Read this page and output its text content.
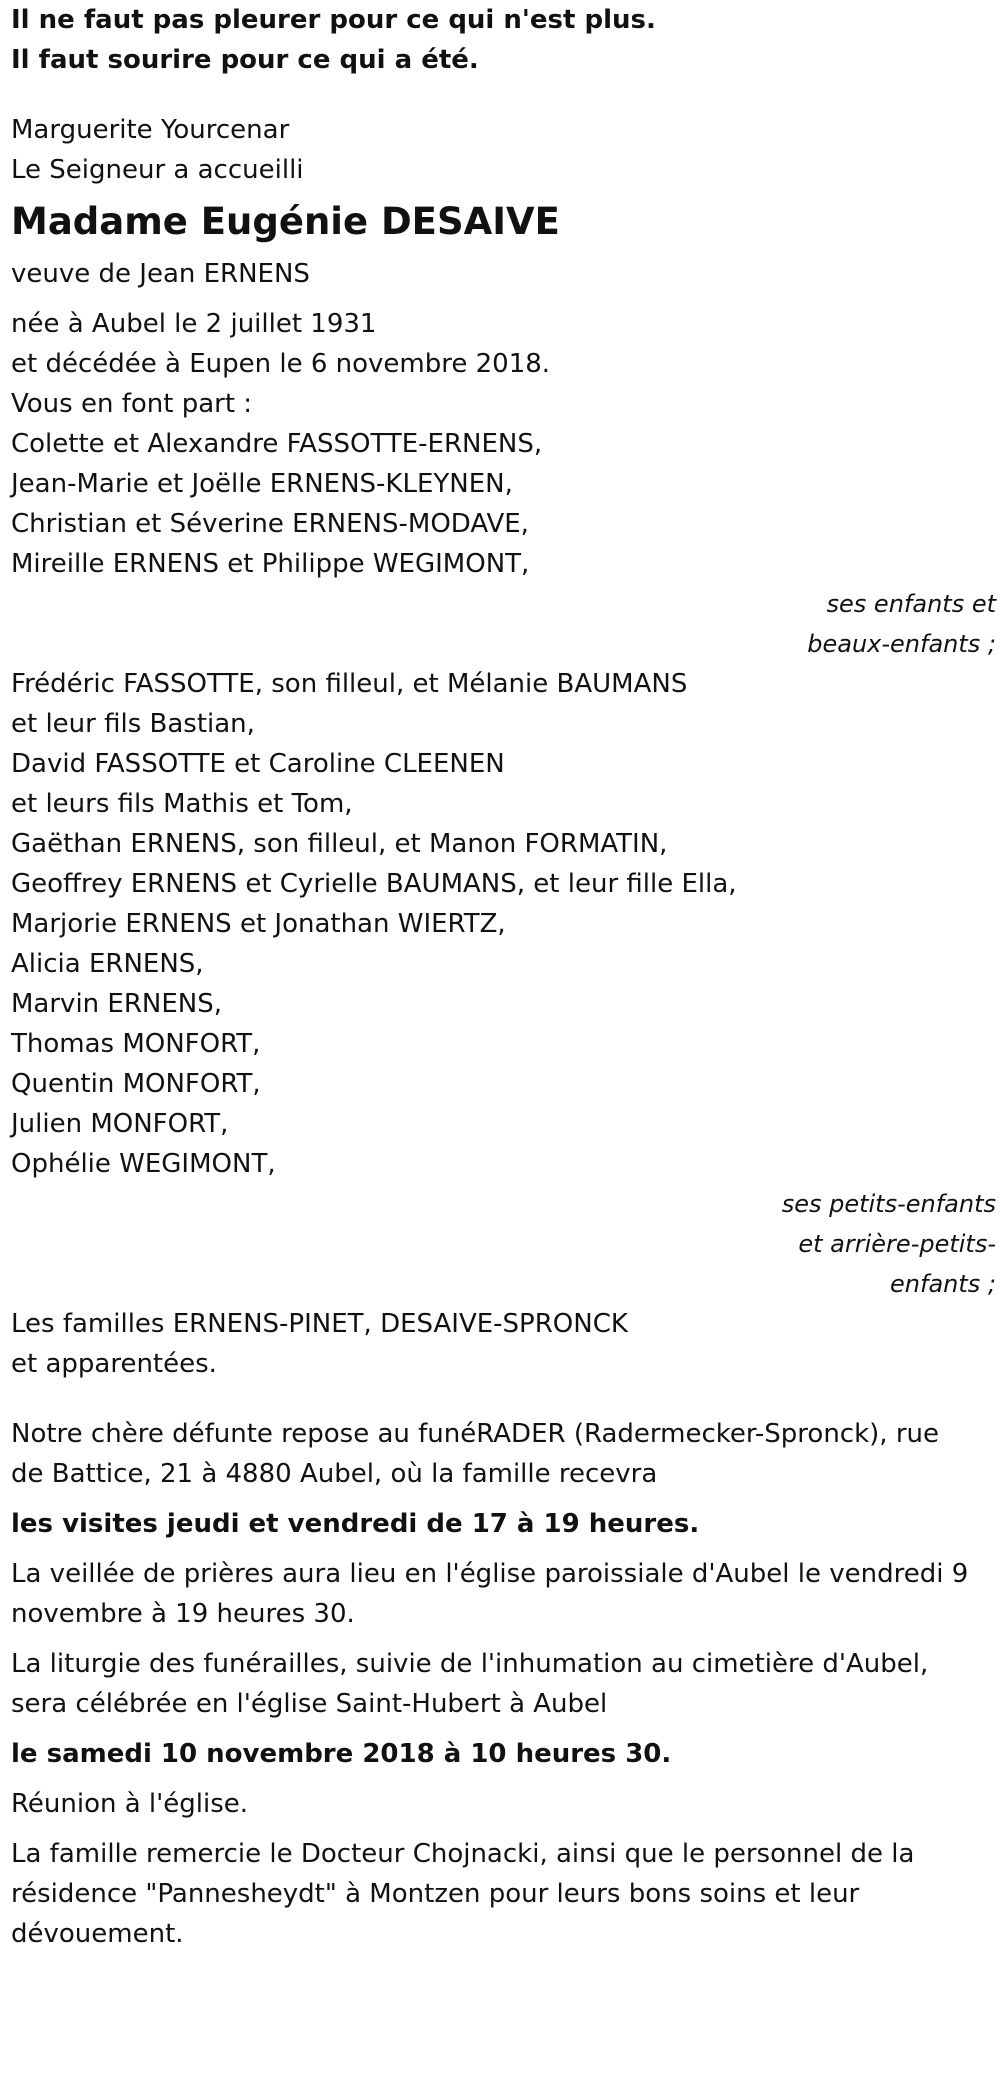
Il ne faut pas pleurer pour ce qui n'est plus.
Il faut sourire pour ce qui a été.
Marguerite Yourcenar
Le Seigneur a accueilli
Madame Eugénie DESAIVE
veuve de Jean ERNENS
née à Aubel le 2 juillet 1931
et décédée à Eupen le 6 novembre 2018.
Vous en font part :
Colette et Alexandre FASSOTTE-ERNENS,
Jean-Marie et Joëlle ERNENS-KLEYNEN,
Christian et Séverine ERNENS-MODAVE,
Mireille ERNENS et Philippe WEGIMONT,
ses enfants et
beaux-enfants ;
Frédéric FASSOTTE, son filleul, et Mélanie BAUMANS
et leur fils Bastian,
David FASSOTTE et Caroline CLEENEN
et leurs fils Mathis et Tom,
Gaëthan ERNENS, son filleul, et Manon FORMATIN,
Geoffrey ERNENS et Cyrielle BAUMANS, et leur fille Ella,
Marjorie ERNENS et Jonathan WIERTZ,
Alicia ERNENS,
Marvin ERNENS,
Thomas MONFORT,
Quentin MONFORT,
Julien MONFORT,
Ophélie WEGIMONT,
ses petits-enfants
et arrière-petits-
enfants ;
Les familles ERNENS-PINET, DESAIVE-SPRONCK
et apparentées.
Notre chère défunte repose au funéRADER (Radermecker-Spronck), rue
de Battice, 21 à 4880 Aubel, où la famille recevra
les visites jeudi et vendredi de 17 à 19 heures.
La veillée de prières aura lieu en l'église paroissiale d'Aubel le vendredi 9
novembre à 19 heures 30.
La liturgie des funérailles, suivie de l'inhumation au cimetière d'Aubel,
sera célébrée en l'église Saint-Hubert à Aubel
le samedi 10 novembre 2018 à 10 heures 30.
Réunion à l'église.
La famille remercie le Docteur Chojnacki, ainsi que le personnel de la
résidence "Pannesheydt" à Montzen pour leurs bons soins et leur
dévouement.
